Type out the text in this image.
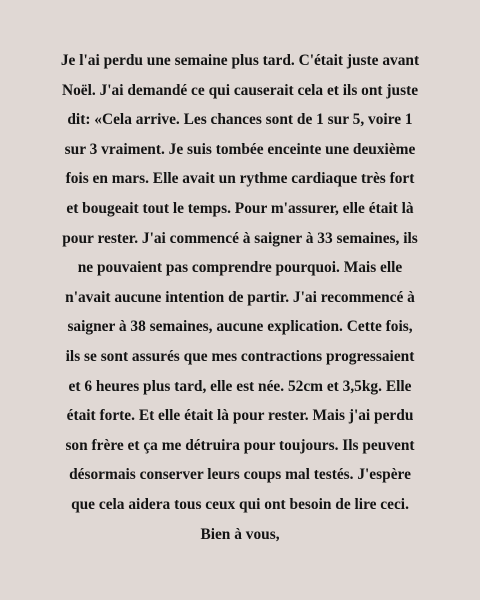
Je l'ai perdu une semaine plus tard. C'était juste avant
Noël. J'ai demandé ce qui causerait cela et ils ont juste
dit: «Cela arrive. Les chances sont de 1 sur 5, voire 1
sur 3 vraiment. Je suis tombée enceinte une deuxième
fois en mars. Elle avait un rythme cardiaque très fort
et bougeait tout le temps. Pour m'assurer, elle était là
pour rester. J'ai commencé à saigner à 33 semaines, ils
ne pouvaient pas comprendre pourquoi. Mais elle
n'avait aucune intention de partir. J'ai recommencé à
saigner à 38 semaines, aucune explication. Cette fois,
ils se sont assurés que mes contractions progressaient
et 6 heures plus tard, elle est née. 52cm et 3,5kg. Elle
était forte. Et elle était là pour rester. Mais j'ai perdu
son frère et ça me détruira pour toujours. Ils peuvent
désormais conserver leurs coups mal testés. J'espère
que cela aidera tous ceux qui ont besoin de lire ceci.
Bien à vous,
